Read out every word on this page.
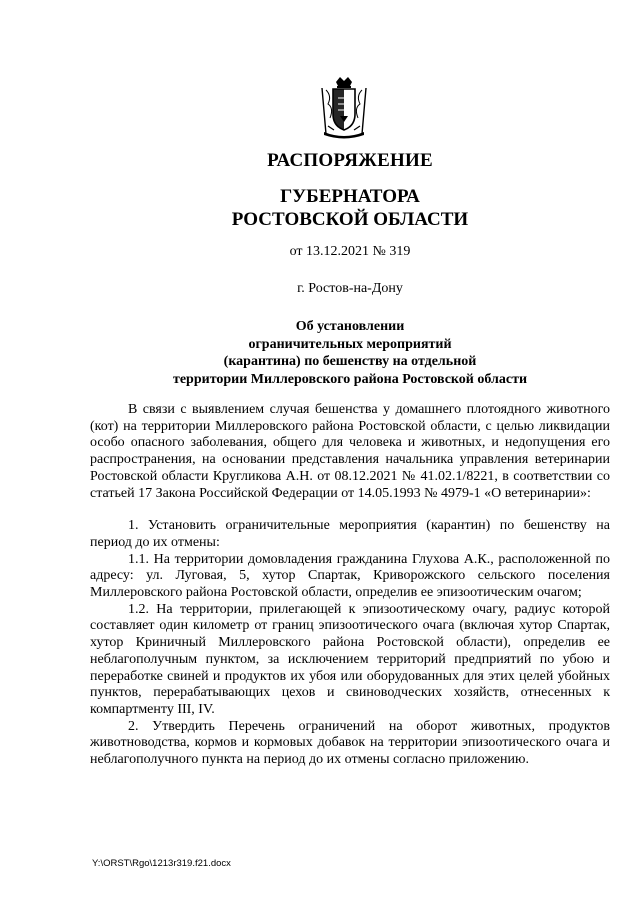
РАСПОРЯЖЕНИЕ
ГУБЕРНАТОРА
РОСТОВСКОЙ ОБЛАСТИ
от 13.12.2021 № 319
г. Ростов-на-Дону
Об установлении
ограничительных мероприятий
(карантина) по бешенству на отдельной
территории Миллеровского района Ростовской области

В связи с выявлением случая бешенства у домашнего плотоядного животного (кот) на территории Миллеровского района Ростовской области, с целью ликвидации особо опасного заболевания, общего для человека и животных, и недопущения его распространения, на основании представления начальника управления ветеринарии Ростовской области Кругликова А.Н. от 08.12.2021 № 41.02.1/8221, в соответствии со статьей 17 Закона Российской Федерации от 14.05.1993 № 4979-1 «О ветеринарии»:

1. Установить ограничительные мероприятия (карантин) по бешенству на период до их отмены:

1.1. На территории домовладения гражданина Глухова А.К., расположенной по адресу: ул. Луговая, 5, хутор Спартак, Криворожского сельского поселения Миллеровского района Ростовской области, определив ее эпизоотическим очагом;

1.2. На территории, прилегающей к эпизоотическому очагу, радиус которой составляет один километр от границ эпизоотического очага (включая хутор Спартак, хутор Криничный Миллеровского района Ростовской области), определив ее неблагополучным пунктом, за исключением территорий предприятий по убою и переработке свиней и продуктов их убоя или оборудованных для этих целей убойных пунктов, перерабатывающих цехов и свиноводческих хозяйств, отнесенных к компартменту III, IV.

2. Утвердить Перечень ограничений на оборот животных, продуктов животноводства, кормов и кормовых добавок на территории эпизоотического очага и неблагополучного пункта на период до их отмены согласно приложению.

Y:\ORST\Rgo\1213r319.f21.docx
